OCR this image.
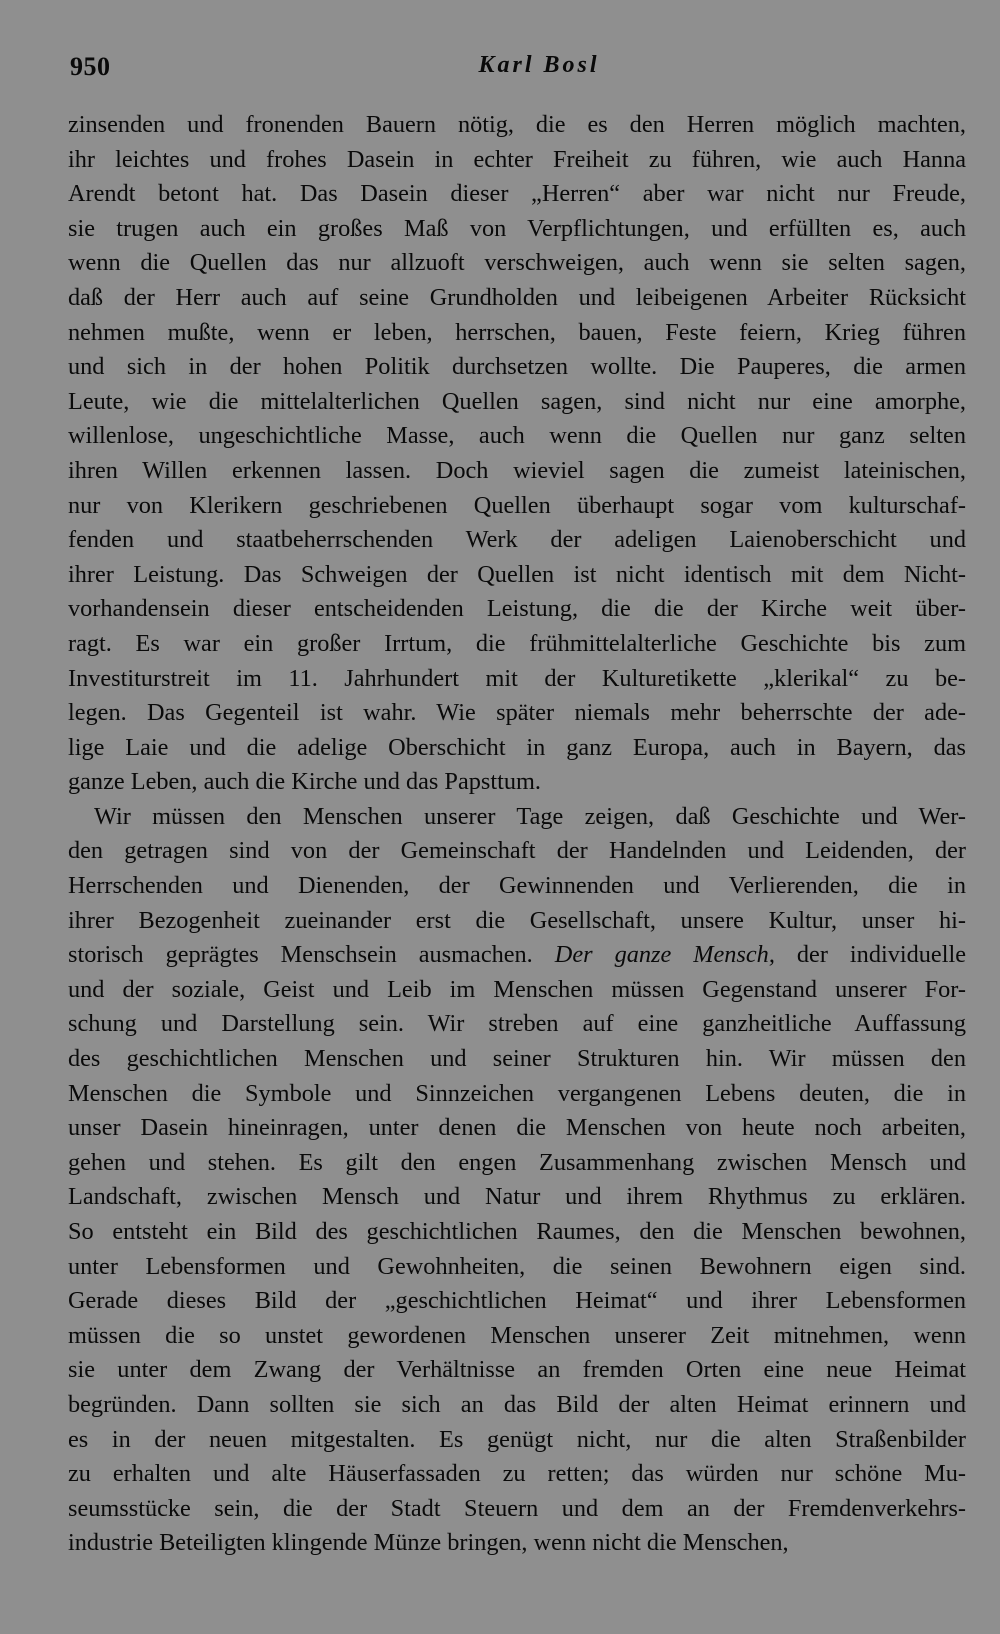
950	Karl Bosl
zinsenden und fronenden Bauern nötig, die es den Herren möglich machten,
ihr leichtes und frohes Dasein in echter Freiheit zu führen, wie auch Hanna
Arendt betont hat. Das Dasein dieser „Herren“ aber war nicht nur Freude,
sie trugen auch ein großes Maß von Verpflichtungen, und erfüllten es, auch
wenn die Quellen das nur allzuoft verschweigen, auch wenn sie selten sagen,
daß der Herr auch auf seine Grundholden und leibeigenen Arbeiter Rücksicht
nehmen mußte, wenn er leben, herrschen, bauen, Feste feiern, Krieg führen
und sich in der hohen Politik durchsetzen wollte. Die Pauperes, die armen
Leute, wie die mittelalterlichen Quellen sagen, sind nicht nur eine amorphe,
willenlose, ungeschichtliche Masse, auch wenn die Quellen nur ganz selten
ihren Willen erkennen lassen. Doch wieviel sagen die zumeist lateinischen,
nur von Klerikern geschriebenen Quellen überhaupt sogar vom kulturschaf-
fenden und staatbeherrschenden Werk der adeligen Laienoberschicht und
ihrer Leistung. Das Schweigen der Quellen ist nicht identisch mit dem Nicht-
vorhandensein dieser entscheidenden Leistung, die die der Kirche weit über-
ragt. Es war ein großer Irrtum, die frühmittelalterliche Geschichte bis zum
Investiturstreit im 11. Jahrhundert mit der Kulturetikette „klerikal“ zu be-
legen. Das Gegenteil ist wahr. Wie später niemals mehr beherrschte der ade-
lige Laie und die adelige Oberschicht in ganz Europa, auch in Bayern, das
ganze Leben, auch die Kirche und das Papsttum.
Wir müssen den Menschen unserer Tage zeigen, daß Geschichte und Wer-
den getragen sind von der Gemeinschaft der Handelnden und Leidenden, der
Herrschenden und Dienenden, der Gewinnenden und Verlierenden, die in
ihrer Bezogenheit zueinander erst die Gesellschaft, unsere Kultur, unser hi-
storisch geprägtes Menschsein ausmachen. Der ganze Mensch, der individuelle
und der soziale, Geist und Leib im Menschen müssen Gegenstand unserer For-
schung und Darstellung sein. Wir streben auf eine ganzheitliche Auffassung
des geschichtlichen Menschen und seiner Strukturen hin. Wir müssen den
Menschen die Symbole und Sinnzeichen vergangenen Lebens deuten, die in
unser Dasein hineinragen, unter denen die Menschen von heute noch arbeiten,
gehen und stehen. Es gilt den engen Zusammenhang zwischen Mensch und
Landschaft, zwischen Mensch und Natur und ihrem Rhythmus zu erklären.
So entsteht ein Bild des geschichtlichen Raumes, den die Menschen bewohnen,
unter Lebensformen und Gewohnheiten, die seinen Bewohnern eigen sind.
Gerade dieses Bild der „geschichtlichen Heimat“ und ihrer Lebensformen
müssen die so unstet gewordenen Menschen unserer Zeit mitnehmen, wenn
sie unter dem Zwang der Verhältnisse an fremden Orten eine neue Heimat
begründen. Dann sollten sie sich an das Bild der alten Heimat erinnern und
es in der neuen mitgestalten. Es genügt nicht, nur die alten Straßenbilder
zu erhalten und alte Häuserfassaden zu retten; das würden nur schöne Mu-
seumsstücke sein, die der Stadt Steuern und dem an der Fremdenverkehrs-
industrie Beteiligten klingende Münze bringen, wenn nicht die Menschen,
